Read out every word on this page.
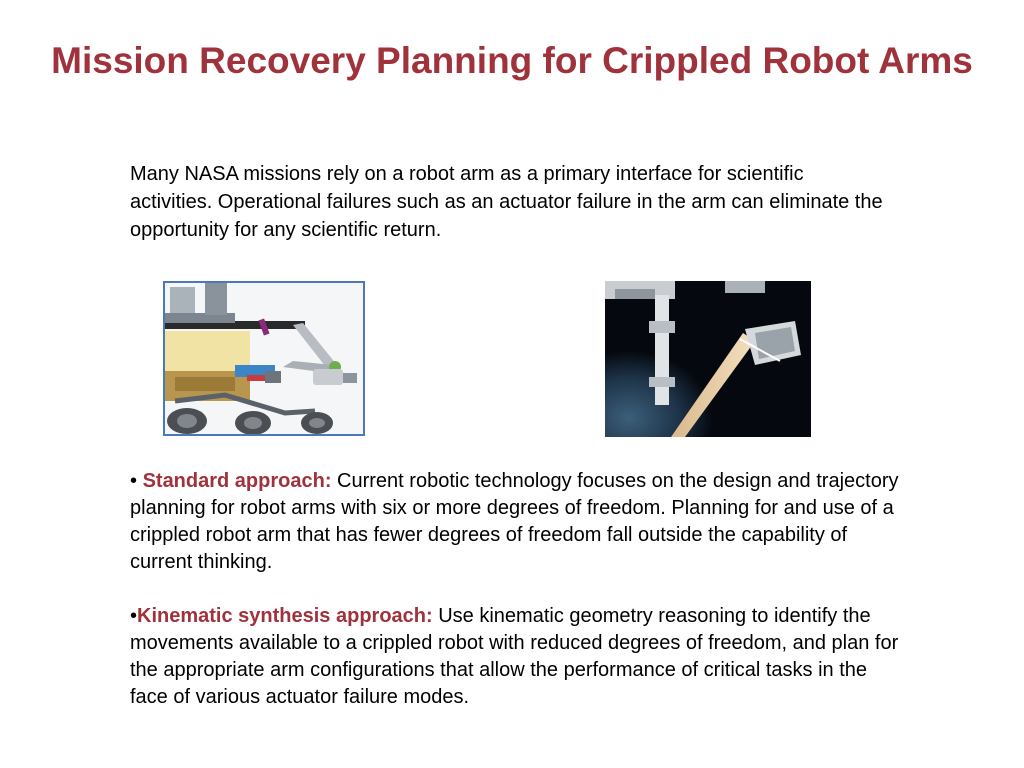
Mission Recovery Planning for Crippled Robot Arms
Many NASA missions rely on a robot arm as a primary interface for scientific activities. Operational failures such as an actuator failure in the arm can eliminate the opportunity for any scientific return.
• Standard approach: Current robotic technology focuses on the design and trajectory planning for robot arms with six or more degrees of freedom. Planning for and use of a crippled robot arm that has fewer degrees of freedom fall outside the capability of current thinking.
•Kinematic synthesis approach: Use kinematic geometry reasoning to identify the movements available to a crippled robot with reduced degrees of freedom, and plan for the appropriate arm configurations that allow the performance of critical tasks in the face of various actuator failure modes.
